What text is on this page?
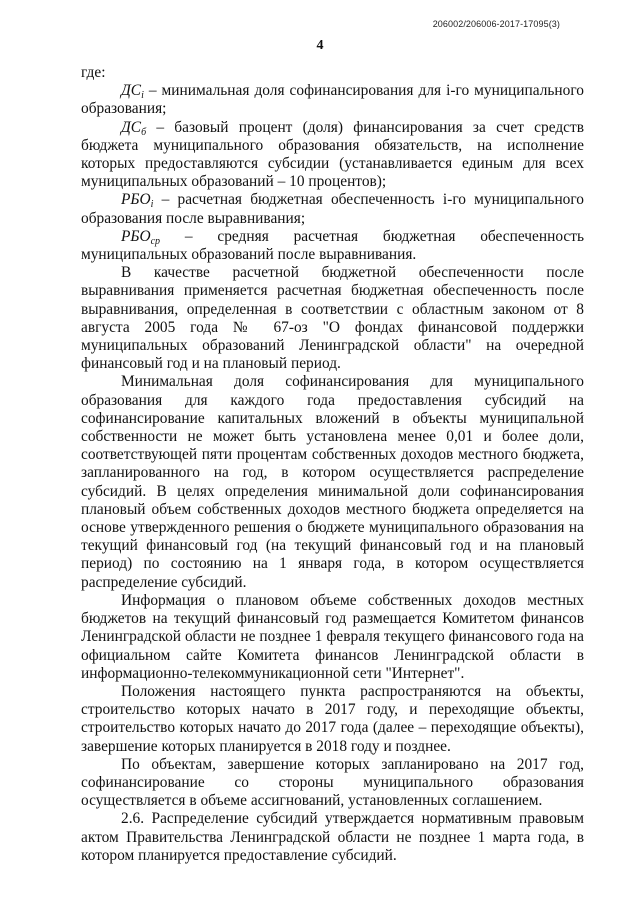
206002/206006-2017-17095(3)
4

где:

$ДС_i$ – минимальная доля софинансирования для i-го муниципального образования;

$ДС_б$ – базовый процент (доля) финансирования за счет средств бюджета муниципального образования обязательств, на исполнение которых предоставляются субсидии (устанавливается единым для всех муниципальных образований – 10 процентов);

$РБО_i$ – расчетная бюджетная обеспеченность i-го муниципального образования после выравнивания;

$РБО_{ср}$ – средняя расчетная бюджетная обеспеченность муниципальных образований после выравнивания.

В качестве расчетной бюджетной обеспеченности после выравнивания применяется расчетная бюджетная обеспеченность после выравнивания, определенная в соответствии с областным законом от 8 августа 2005 года № 67-оз "О фондах финансовой поддержки муниципальных образований Ленинградской области" на очередной финансовый год и на плановый период.

Минимальная доля софинансирования для муниципального образования для каждого года предоставления субсидий на софинансирование капитальных вложений в объекты муниципальной собственности не может быть установлена менее 0,01 и более доли, соответствующей пяти процентам собственных доходов местного бюджета, запланированного на год, в котором осуществляется распределение субсидий. В целях определения минимальной доли софинансирования плановый объем собственных доходов местного бюджета определяется на основе утвержденного решения о бюджете муниципального образования на текущий финансовый год (на текущий финансовый год и на плановый период) по состоянию на 1 января года, в котором осуществляется распределение субсидий.

Информация о плановом объеме собственных доходов местных бюджетов на текущий финансовый год размещается Комитетом финансов Ленинградской области не позднее 1 февраля текущего финансового года на официальном сайте Комитета финансов Ленинградской области в информационно-телекоммуникационной сети "Интернет".

Положения настоящего пункта распространяются на объекты, строительство которых начато в 2017 году, и переходящие объекты, строительство которых начато до 2017 года (далее – переходящие объекты), завершение которых планируется в 2018 году и позднее.

По объектам, завершение которых запланировано на 2017 год, софинансирование со стороны муниципального образования осуществляется в объеме ассигнований, установленных соглашением.

2.6. Распределение субсидий утверждается нормативным правовым актом Правительства Ленинградской области не позднее 1 марта года, в котором планируется предоставление субсидий.
